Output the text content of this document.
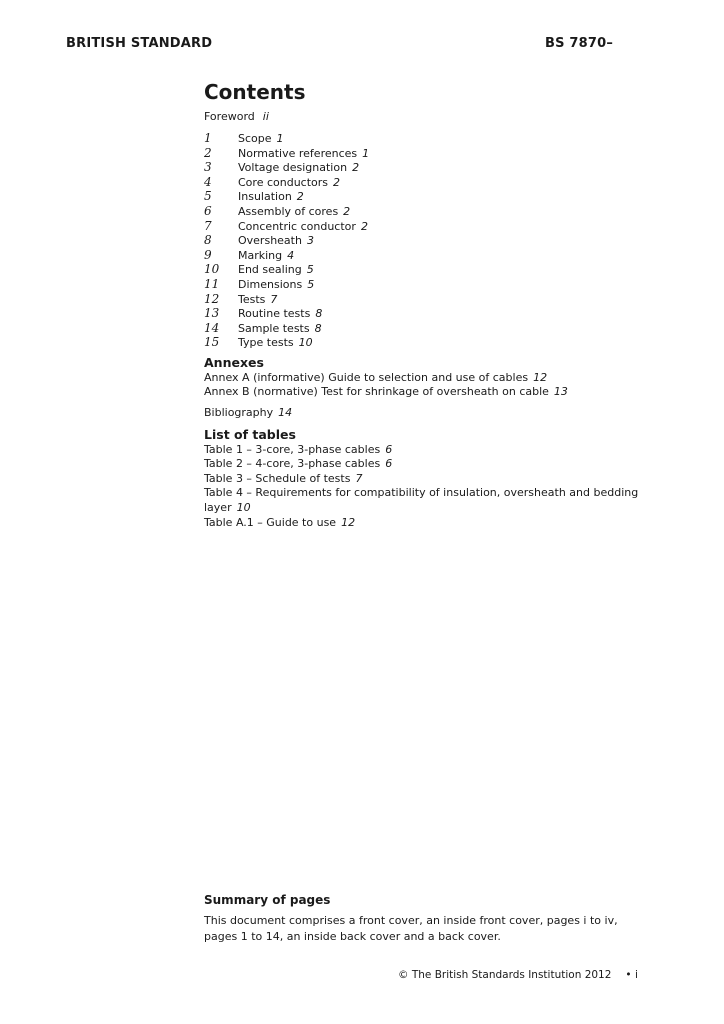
BRITISH STANDARD	BS 7870–
Contents
Foreword ii
1 Scope 1
2 Normative references 1
3 Voltage designation 2
4 Core conductors 2
5 Insulation 2
6 Assembly of cores 2
7 Concentric conductor 2
8 Oversheath 3
9 Marking 4
10 End sealing 5
11 Dimensions 5
12 Tests 7
13 Routine tests 8
14 Sample tests 8
15 Type tests 10
Annexes
Annex A (informative) Guide to selection and use of cables 12
Annex B (normative) Test for shrinkage of oversheath on cable 13
Bibliography 14
List of tables
Table 1 – 3-core, 3-phase cables 6
Table 2 – 4-core, 3-phase cables 6
Table 3 – Schedule of tests 7
Table 4 – Requirements for compatibility of insulation, oversheath and bedding layer 10
Table A.1 – Guide to use 12
Summary of pages
This document comprises a front cover, an inside front cover, pages i to iv, pages 1 to 14, an inside back cover and a back cover.
© The British Standards Institution 2012 • i
